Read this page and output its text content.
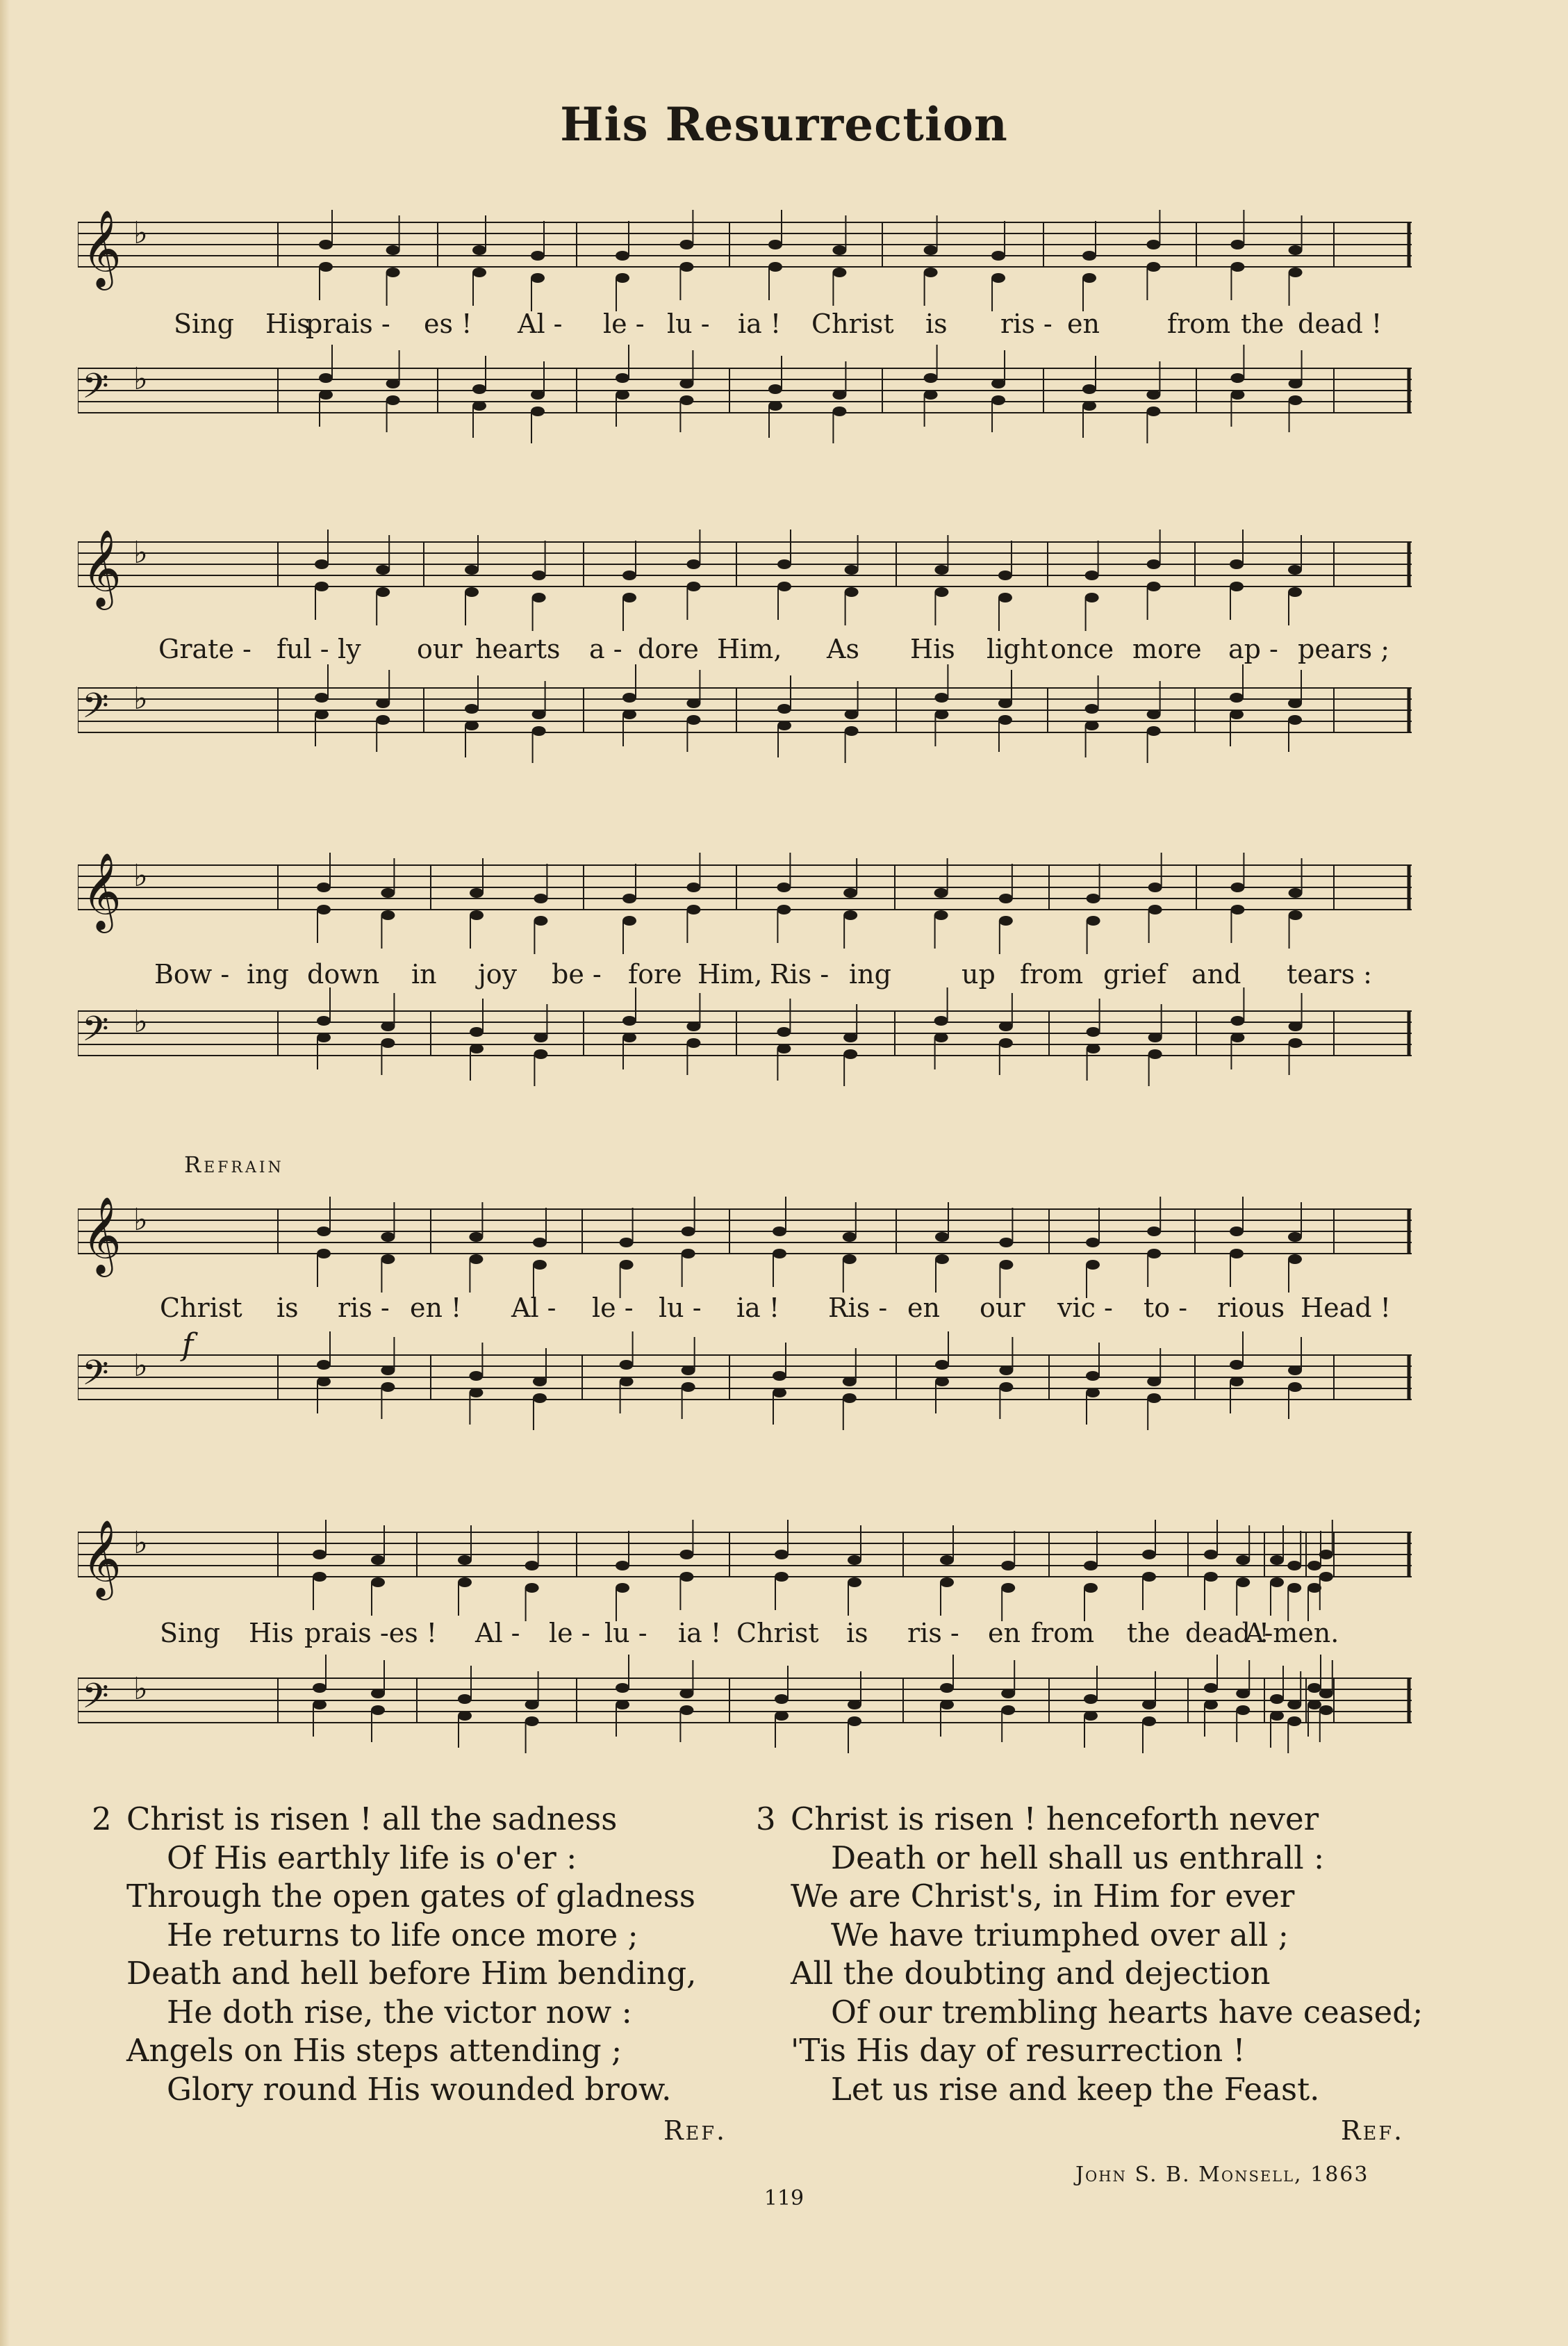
His Resurrection
𝄞
𝄢
♭
♭
𝄞
𝄢
♭
♭
𝄞
𝄢
♭
♭
𝄞
𝄢
♭
♭
𝄞
𝄢
♭
♭
Refrain
f
Sing His
prais - es ! Al - le - lu - ia ! Christ is ris - en	from the dead !
Grate - ful - ly our hearts a - dore Him, As His light once more ap - pears ;
Bow - ing down in joy be - fore Him, Ris - ing	up from grief and tears :
Christ is ris - en ! Al - le - lu - ia ! Ris - en our vic - to - rious Head !
Sing His prais -es ! Al - le - lu - ia ! Christ is ris - en from the dead !
A-men.
2 Christ is risen ! all the sadness
Of His earthly life is o'er :
Through the open gates of gladness
He returns to life once more ;
Death and hell before Him bending,
He doth rise, the victor now :
Angels on His steps attending ;
Glory round His wounded brow.
Ref.
3 Christ is risen ! henceforth never
Death or hell shall us enthrall :
We are Christ's, in Him for ever
We have triumphed over all ;
All the doubting and dejection
Of our trembling hearts have ceased;
'Tis His day of resurrection !
Let us rise and keep the Feast.
Ref.
John S. B. Monsell, 1863
119
